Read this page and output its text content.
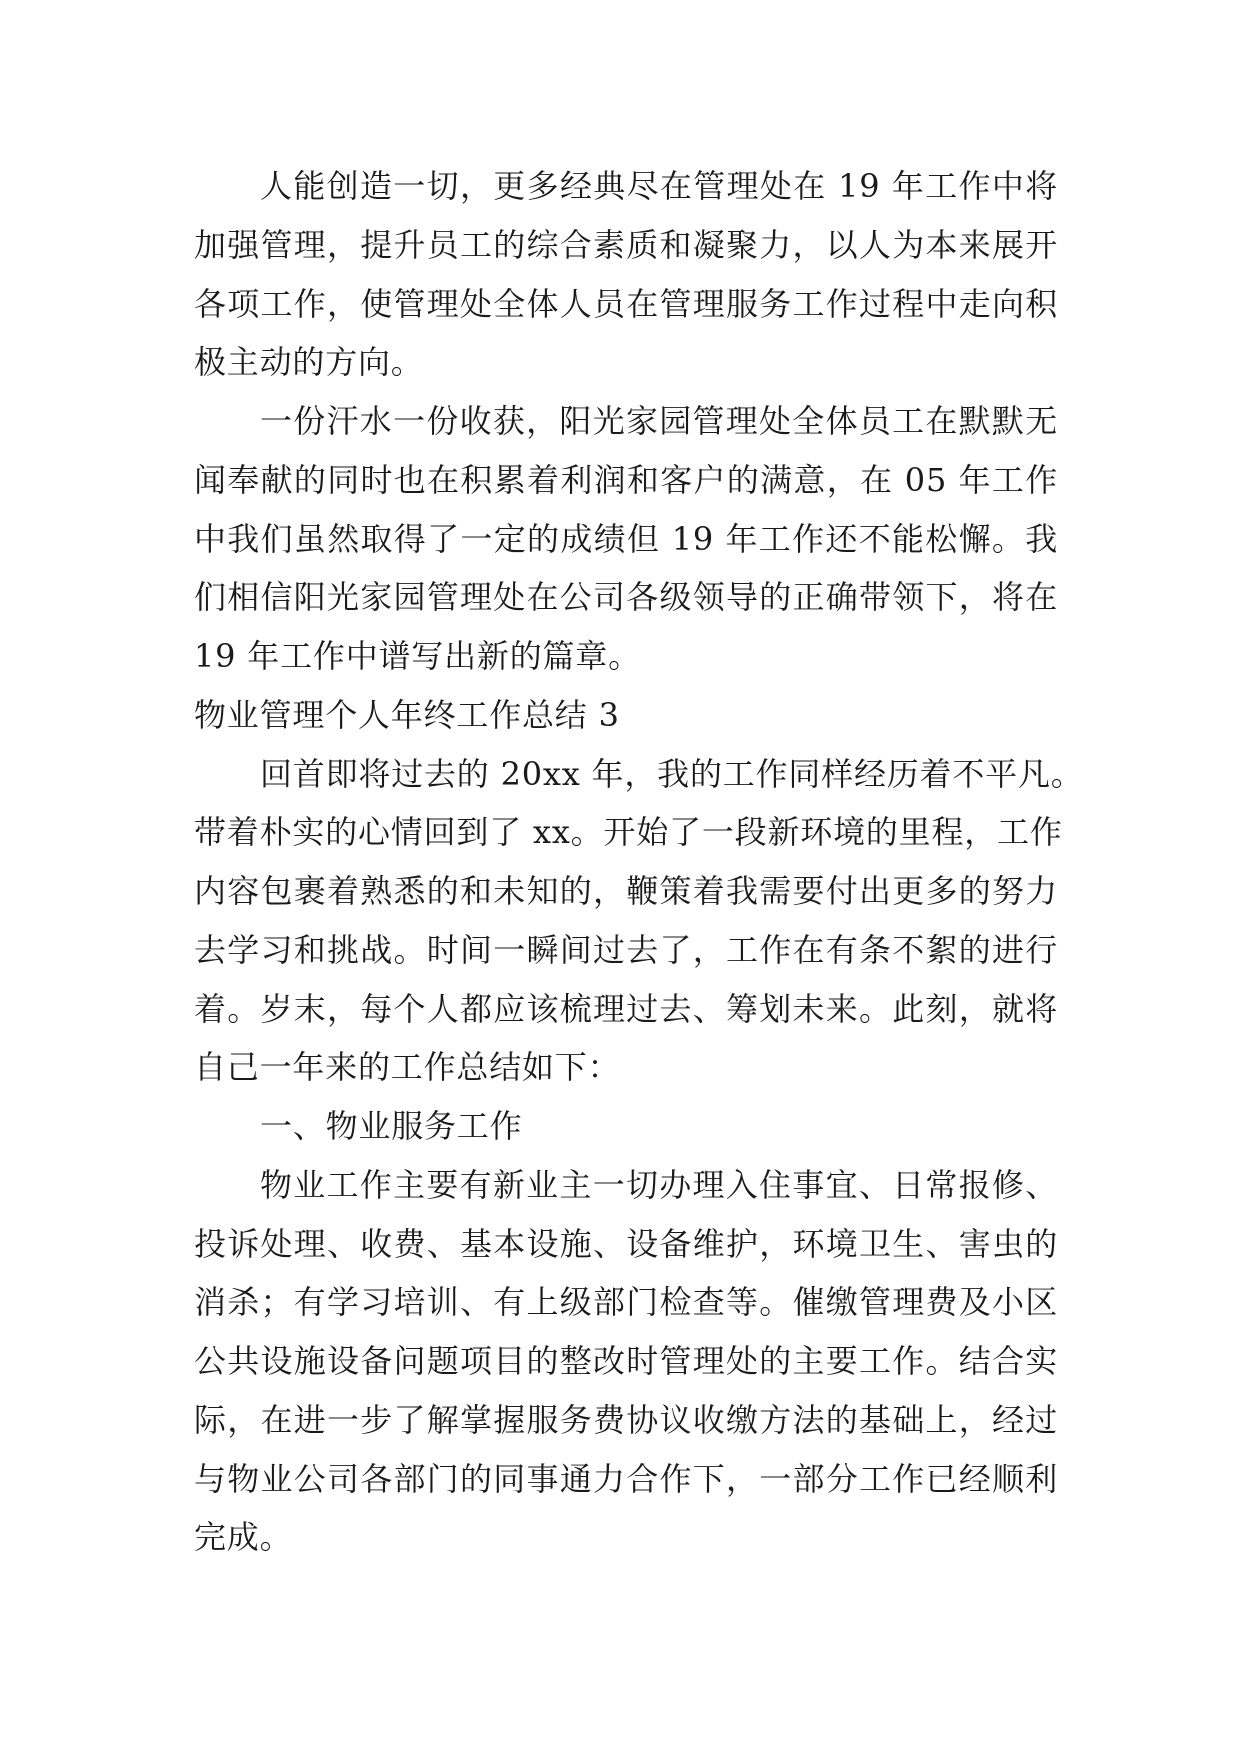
人能创造一切，更多经典尽在管理处在 19 年工作中将
加强管理，提升员工的综合素质和凝聚力，以人为本来展开
各项工作，使管理处全体人员在管理服务工作过程中走向积
极主动的方向。
一份汗水一份收获，阳光家园管理处全体员工在默默无
闻奉献的同时也在积累着利润和客户的满意，在 05 年工作
中我们虽然取得了一定的成绩但 19 年工作还不能松懈。我
们相信阳光家园管理处在公司各级领导的正确带领下，将在
19 年工作中谱写出新的篇章。
物业管理个人年终工作总结 3
回首即将过去的 20xx 年，我的工作同样经历着不平凡。
带着朴实的心情回到了 xx。开始了一段新环境的里程，工作
内容包裹着熟悉的和未知的，鞭策着我需要付出更多的努力
去学习和挑战。时间一瞬间过去了，工作在有条不絮的进行
着。岁末，每个人都应该梳理过去、筹划未来。此刻，就将
自己一年来的工作总结如下：
一、物业服务工作
物业工作主要有新业主一切办理入住事宜、日常报修、
投诉处理、收费、基本设施、设备维护，环境卫生、害虫的
消杀；有学习培训、有上级部门检查等。催缴管理费及小区
公共设施设备问题项目的整改时管理处的主要工作。结合实
际，在进一步了解掌握服务费协议收缴方法的基础上，经过
与物业公司各部门的同事通力合作下，一部分工作已经顺利
完成。
